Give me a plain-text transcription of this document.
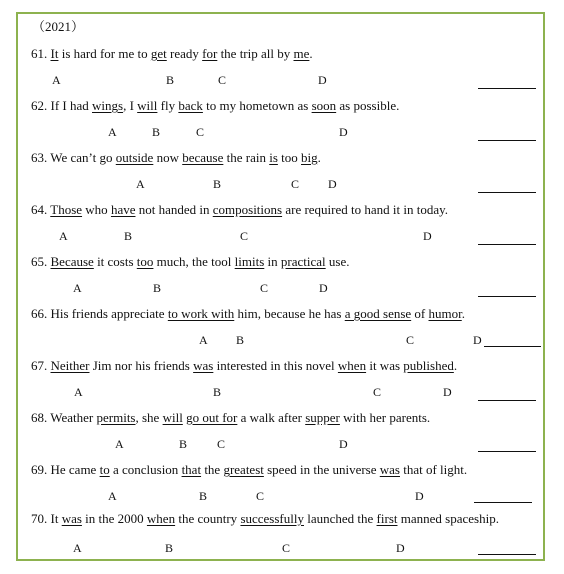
（2021）
61. It is hard for me to get ready for the trip all by me.
A	B	C	D
62. If I had wings, I will fly back to my hometown as soon as possible.
A	B	C	D
63. We can’t go outside now because the rain is too big.
A	B	C D
64. Those who have not handed in compositions are required to hand it in today.
A	B	C	D
65. Because it costs too much, the tool limits in practical use.
A	B	C	D
66. His friends appreciate to work with him, because he has a good sense of humor.
A B	C	D
67. Neither Jim nor his friends was interested in this novel when it was published.
A	B	C	D
68. Weather permits, she will go out for a walk after supper with her parents.
A	B C	D
69. He came to a conclusion that the greatest speed in the universe was that of light.
A	B	C	D
70. It was in the 2000 when the country successfully launched the first manned spaceship.
A	B	C	D
